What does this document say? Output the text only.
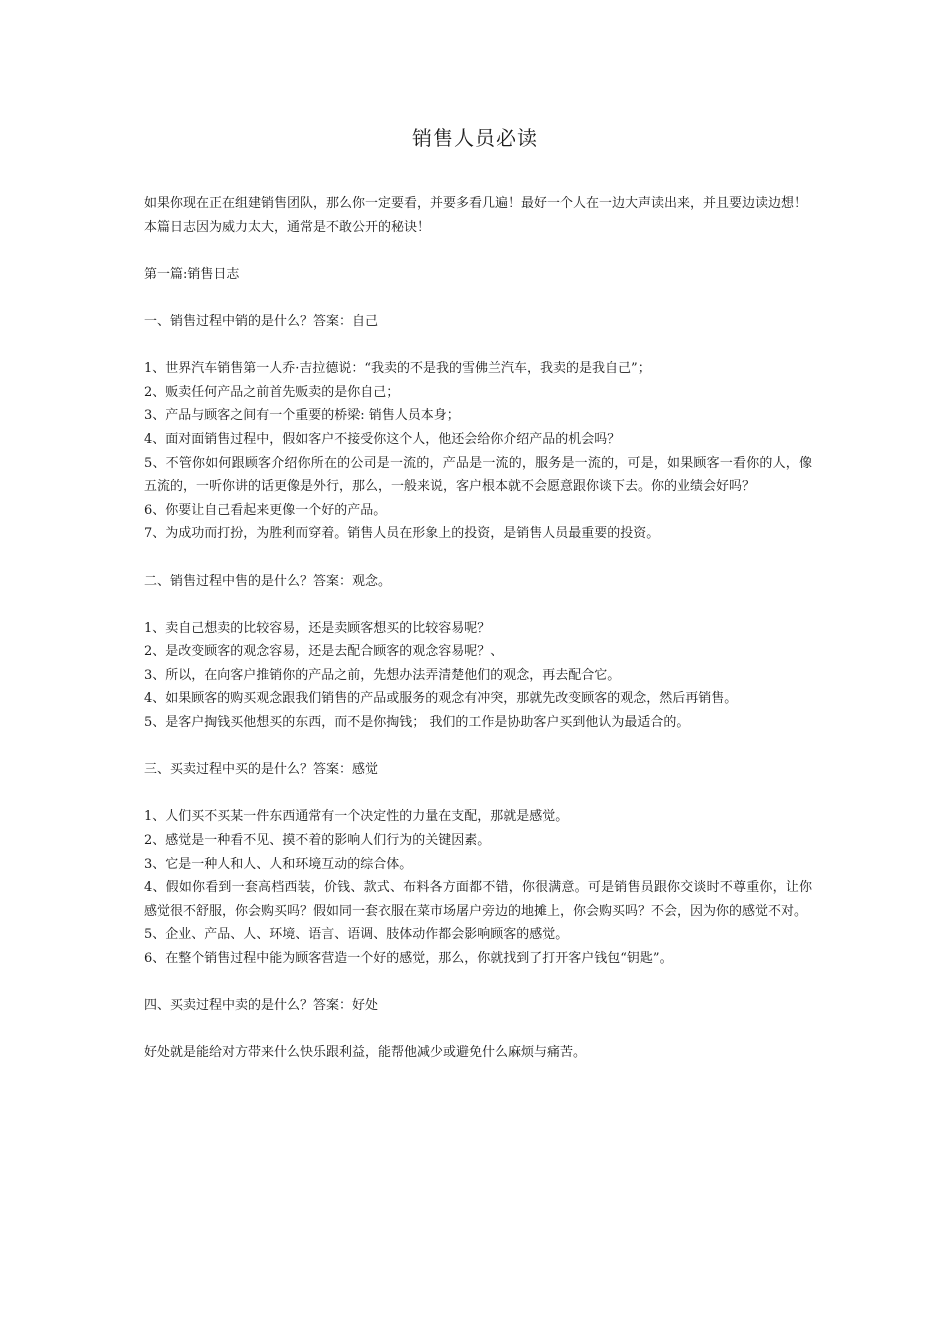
销售人员必读

如果你现在正在组建销售团队，那么你一定要看，并要多看几遍！最好一个人在一边大声读出来，并且要边读边想！

本篇日志因为威力太大，通常是不敢公开的秘诀！

第一篇:销售日志

一、销售过程中销的是什么？答案：自己

1、世界汽车销售第一人乔·吉拉德说：“我卖的不是我的雪佛兰汽车，我卖的是我自己”；

2、贩卖任何产品之前首先贩卖的是你自己；

3、产品与顾客之间有一个重要的桥梁: 销售人员本身；

4、面对面销售过程中，假如客户不接受你这个人，他还会给你介绍产品的机会吗？

5、不管你如何跟顾客介绍你所在的公司是一流的，产品是一流的，服务是一流的，可是，如果顾客一看你的人，像五流的，一听你讲的话更像是外行，那么，一般来说，客户根本就不会愿意跟你谈下去。你的业绩会好吗？

6、你要让自己看起来更像一个好的产品。

7、为成功而打扮，为胜利而穿着。销售人员在形象上的投资，是销售人员最重要的投资。

二、销售过程中售的是什么？答案：观念。

1、卖自己想卖的比较容易，还是卖顾客想买的比较容易呢？

2、是改变顾客的观念容易，还是去配合顾客的观念容易呢？、

3、所以，在向客户推销你的产品之前，先想办法弄清楚他们的观念，再去配合它。

4、如果顾客的购买观念跟我们销售的产品或服务的观念有冲突，那就先改变顾客的观念，然后再销售。

5、是客户掏钱买他想买的东西，而不是你掏钱； 我们的工作是协助客户买到他认为最适合的。

三、买卖过程中买的是什么？答案：感觉

1、人们买不买某一件东西通常有一个决定性的力量在支配，那就是感觉。

2、感觉是一种看不见、摸不着的影响人们行为的关键因素。

3、它是一种人和人、人和环境互动的综合体。

4、假如你看到一套高档西装，价钱、款式、布料各方面都不错，你很满意。可是销售员跟你交谈时不尊重你，让你感觉很不舒服，你会购买吗？假如同一套衣服在菜市场屠户旁边的地摊上，你会购买吗？不会，因为你的感觉不对。

5、企业、产品、人、环境、语言、语调、肢体动作都会影响顾客的感觉。

6、在整个销售过程中能为顾客营造一个好的感觉，那么，你就找到了打开客户钱包“钥匙”。

四、买卖过程中卖的是什么？答案：好处

好处就是能给对方带来什么快乐跟利益，能帮他减少或避免什么麻烦与痛苦。
